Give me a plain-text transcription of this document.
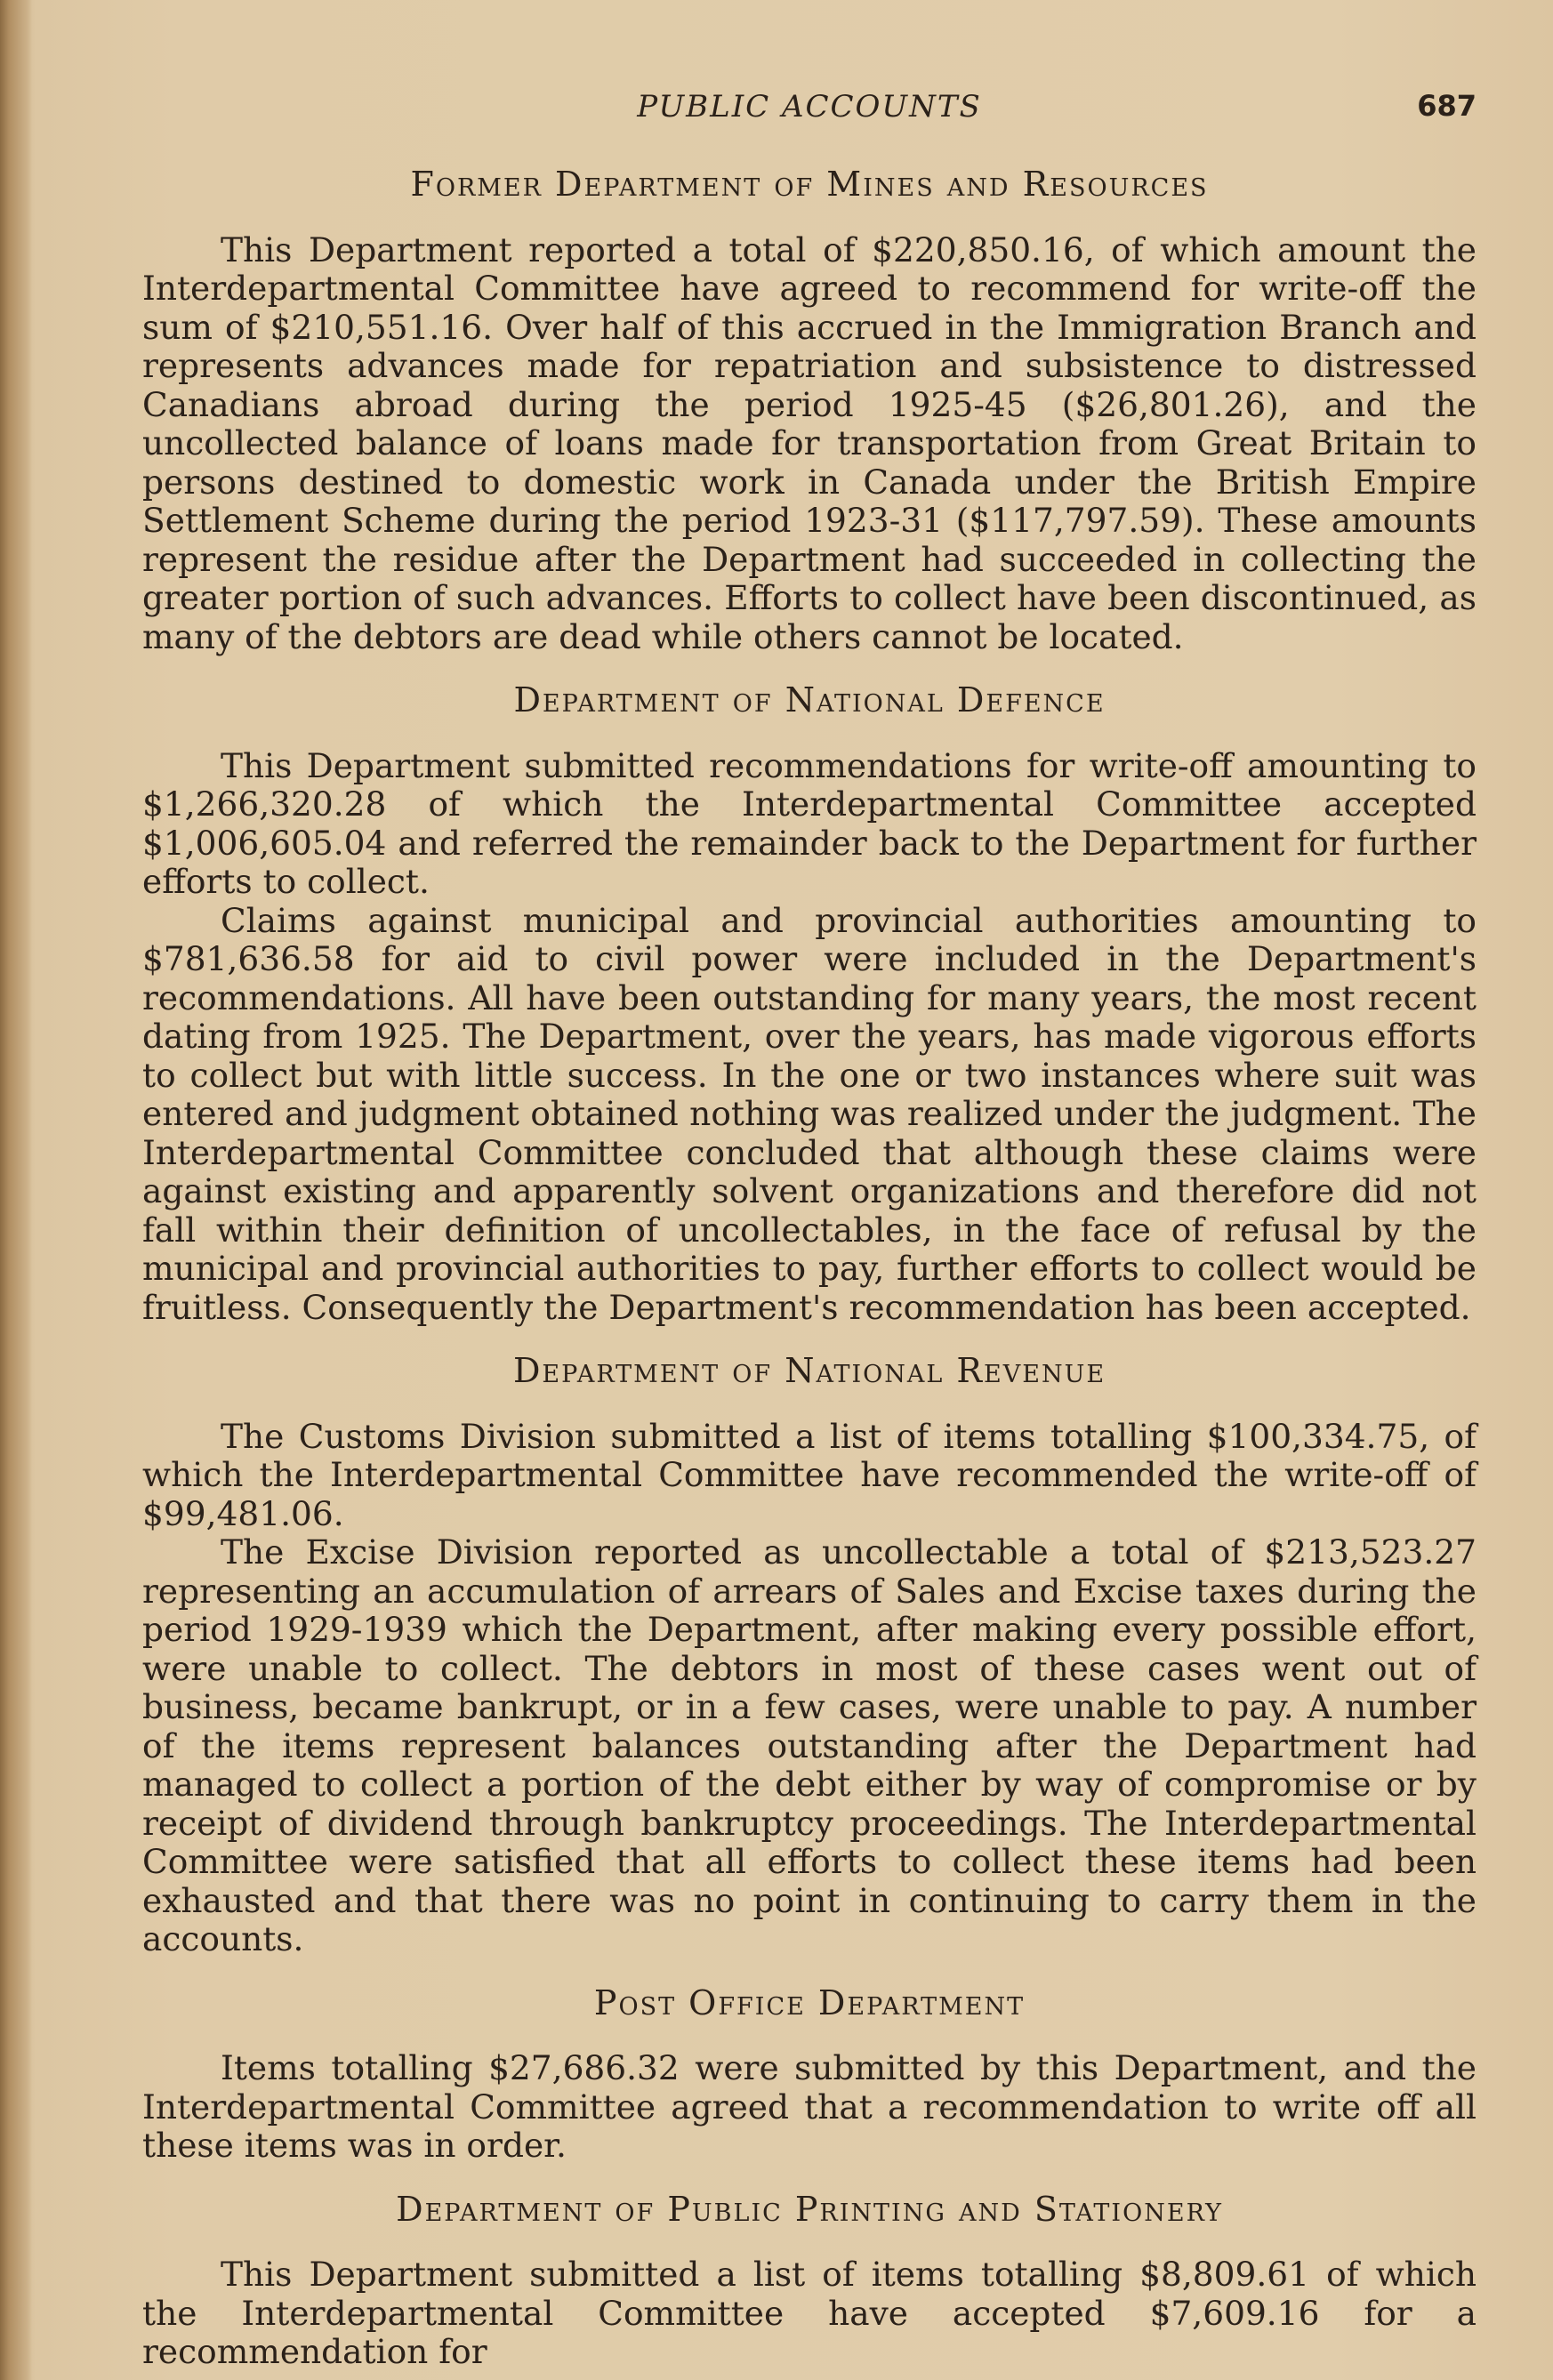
PUBLIC ACCOUNTS	687
Former Department of Mines and Resources

This Department reported a total of $220,850.16, of which amount the Interdepartmental Committee have agreed to recommend for write-off the sum of $210,551.16. Over half of this accrued in the Immigration Branch and represents advances made for repatriation and subsistence to distressed Canadians abroad during the period 1925-45 ($26,801.26), and the uncollected balance of loans made for transportation from Great Britain to persons destined to domestic work in Canada under the British Empire Settlement Scheme during the period 1923-31 ($117,797.59). These amounts represent the residue after the Department had succeeded in collecting the greater portion of such advances. Efforts to collect have been discontinued, as many of the debtors are dead while others cannot be located.

Department of National Defence

This Department submitted recommendations for write-off amounting to $1,266,320.28 of which the Interdepartmental Committee accepted $1,006,605.04 and referred the remainder back to the Department for further efforts to collect.

Claims against municipal and provincial authorities amounting to $781,636.58 for aid to civil power were included in the Department's recommendations. All have been outstanding for many years, the most recent dating from 1925. The Department, over the years, has made vigorous efforts to collect but with little success. In the one or two instances where suit was entered and judgment obtained nothing was realized under the judgment. The Interdepartmental Committee concluded that although these claims were against existing and apparently solvent organizations and therefore did not fall within their definition of uncollectables, in the face of refusal by the municipal and provincial authorities to pay, further efforts to collect would be fruitless. Consequently the Department's recommendation has been accepted.

Department of National Revenue

The Customs Division submitted a list of items totalling $100,334.75, of which the Interdepartmental Committee have recommended the write-off of $99,481.06.

The Excise Division reported as uncollectable a total of $213,523.27 representing an accumulation of arrears of Sales and Excise taxes during the period 1929-1939 which the Department, after making every possible effort, were unable to collect. The debtors in most of these cases went out of business, became bankrupt, or in a few cases, were unable to pay. A number of the items represent balances outstanding after the Department had managed to collect a portion of the debt either by way of compromise or by receipt of dividend through bankruptcy proceedings. The Interdepartmental Committee were satisfied that all efforts to collect these items had been exhausted and that there was no point in continuing to carry them in the accounts.

Post Office Department

Items totalling $27,686.32 were submitted by this Department, and the Interdepartmental Committee agreed that a recommendation to write off all these items was in order.

Department of Public Printing and Stationery

This Department submitted a list of items totalling $8,809.61 of which the Interdepartmental Committee have accepted $7,609.16 for a recommendation for
